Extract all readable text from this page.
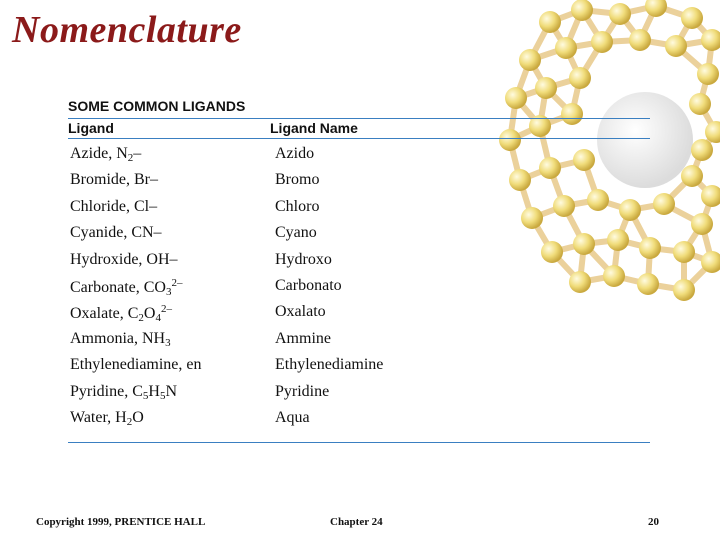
Nomenclature
SOME COMMON LIGANDS
Ligand	Ligand Name
Azide, $N_2-$	Azido
Bromide, Br–	Bromo
Chloride, Cl–	Chloro
Cyanide, CN–	Cyano
Hydroxide, OH–	Hydroxo
Carbonate, $CO_3^{2-}$	Carbonato
Oxalate, $C_2O_4^{2-}$	Oxalato
Ammonia, $NH_3$	Ammine
Ethylenediamine, en	Ethylenediamine
Pyridine, $C_5H_5N$	Pyridine
Water, $H_2O$	Aqua
Copyright 1999, PRENTICE HALL	Chapter 24	20
